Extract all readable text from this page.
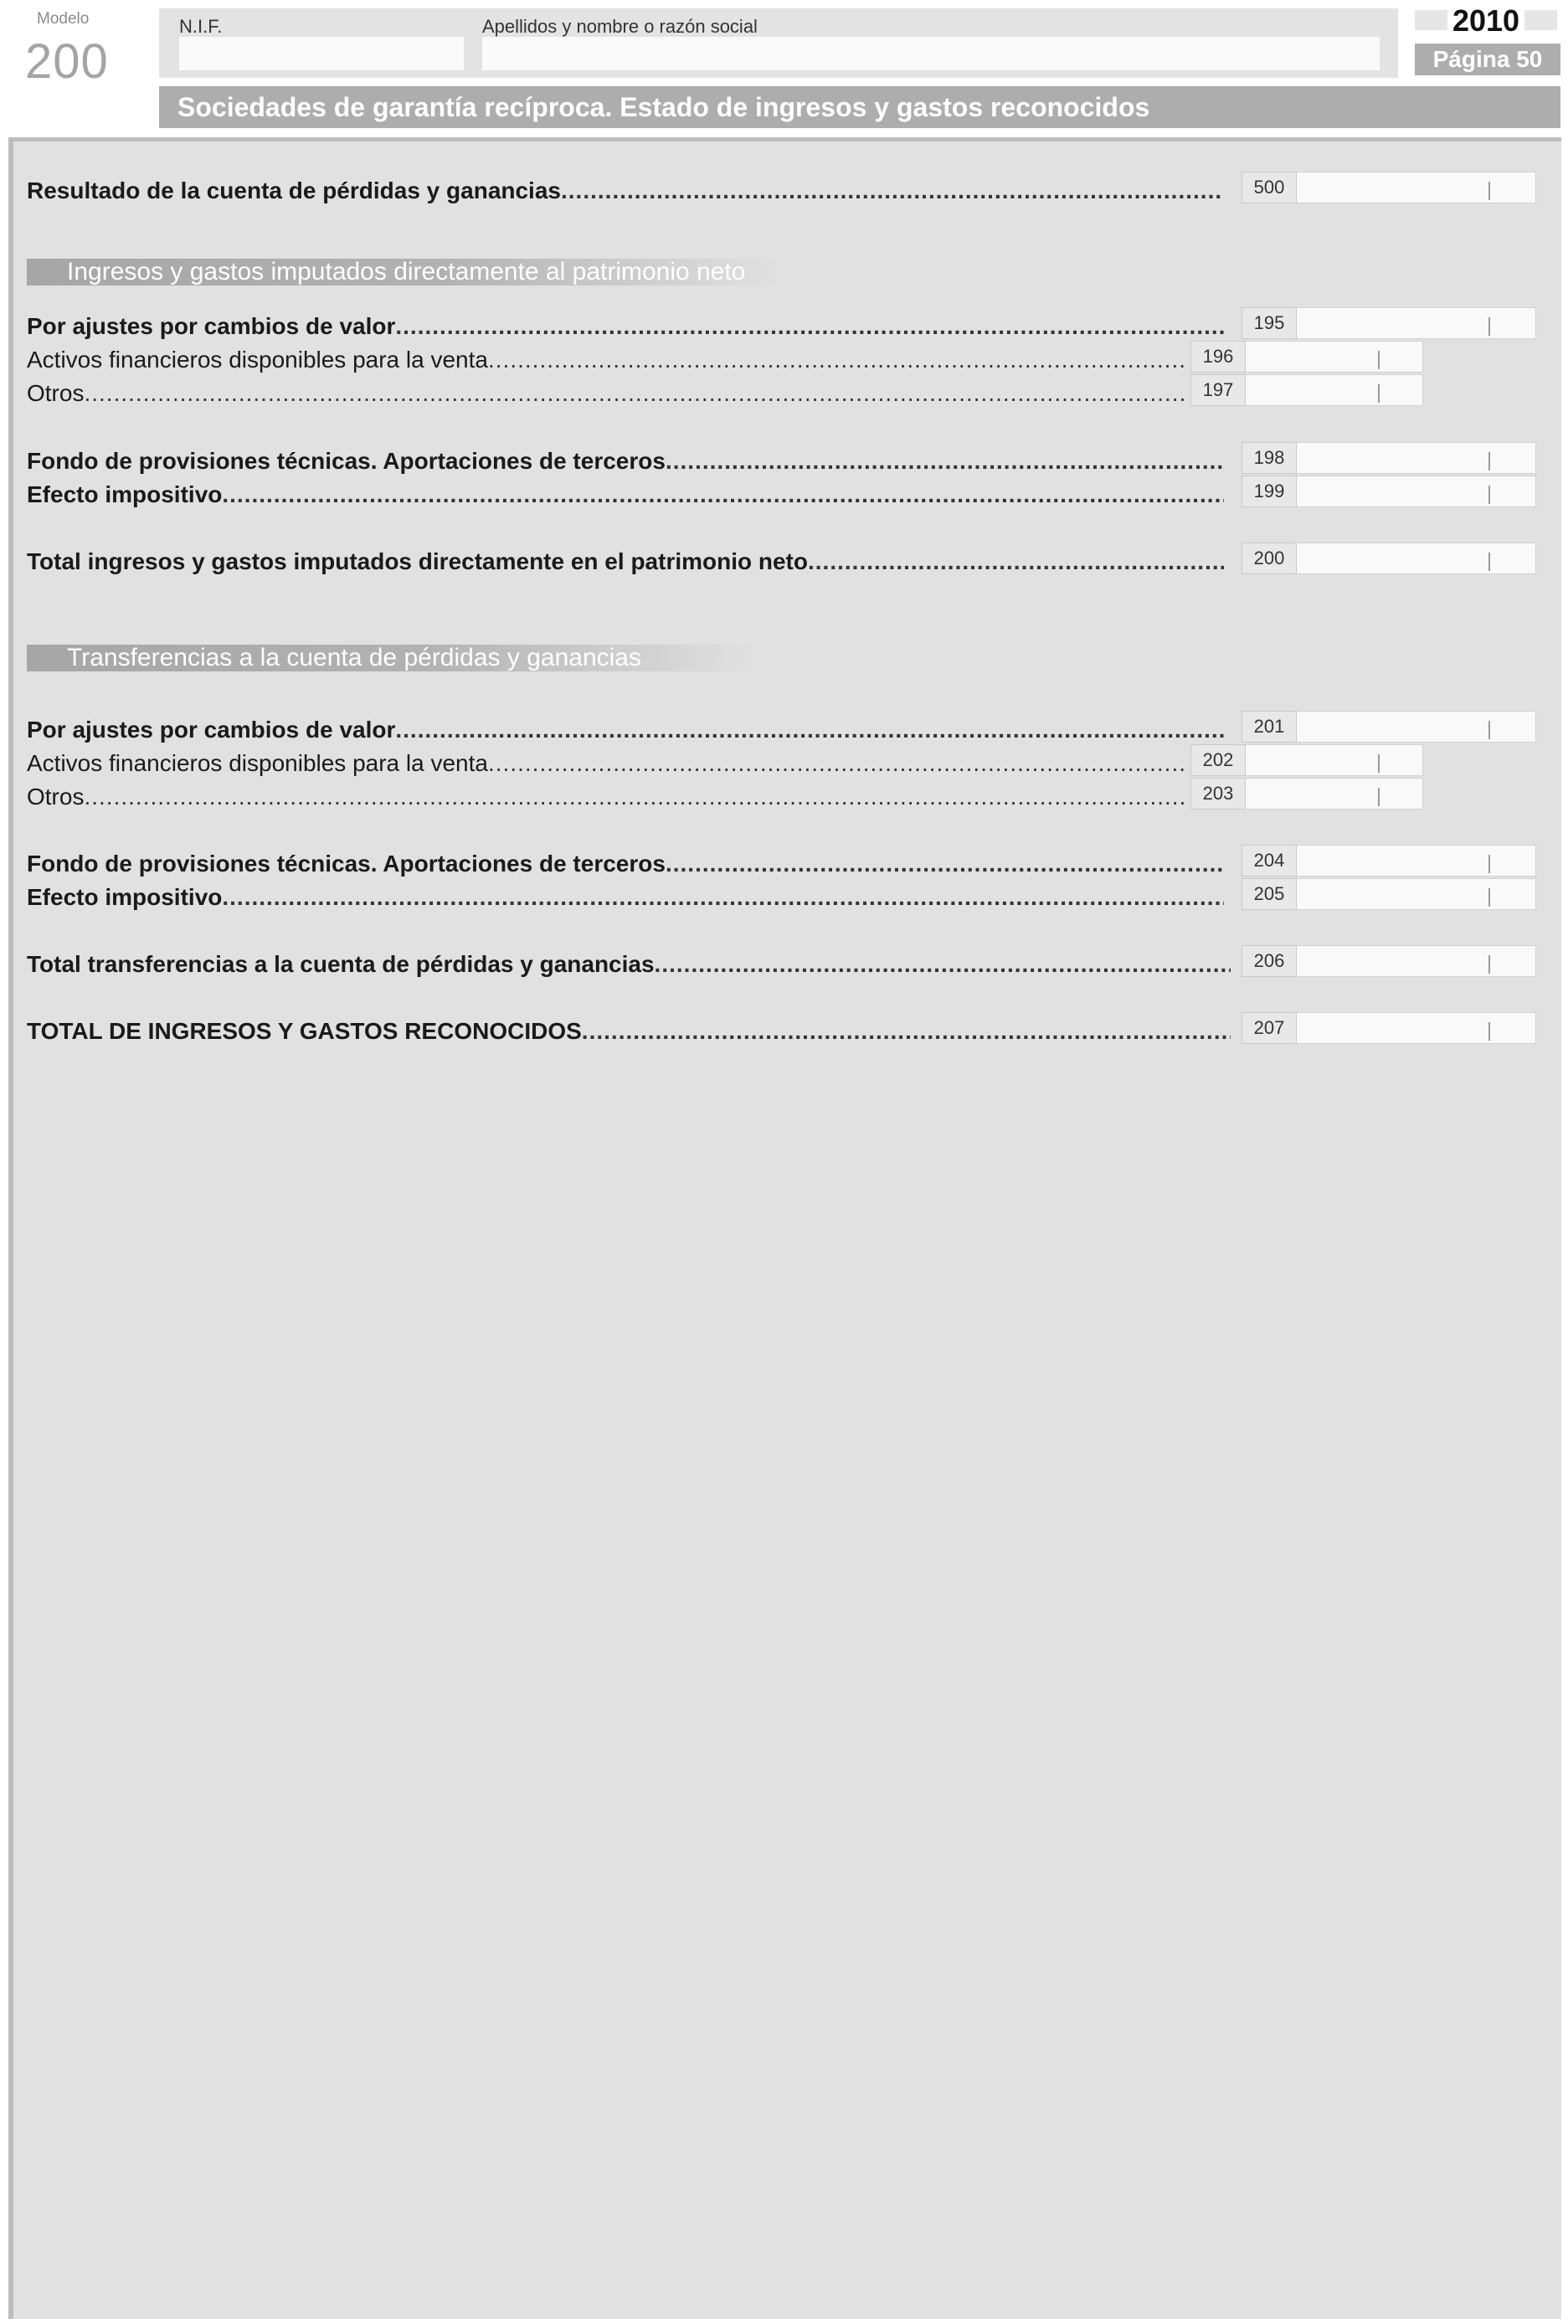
Modelo
200
N.I.F.	Apellidos y nombre o razón social	2010
Página 50
Sociedades de garantía recíproca. Estado de ingresos y gastos reconocidos
Resultado de la cuenta de pérdidas y ganancias .....	500
Ingresos y gastos imputados directamente al patrimonio neto
Por ajustes por cambios de valor .....	195
Activos financieros disponibles para la venta .....	196
Otros .....	197
Fondo de provisiones técnicas. Aportaciones de terceros .....	198
Efecto impositivo .....	199
Total ingresos y gastos imputados directamente en el patrimonio neto .....	200
Transferencias a la cuenta de pérdidas y ganancias
Por ajustes por cambios de valor .....	201
Activos financieros disponibles para la venta .....	202
Otros .....	203
Fondo de provisiones técnicas. Aportaciones de terceros .....	204
Efecto impositivo .....	205
Total transferencias a la cuenta de pérdidas y ganancias .....	206
TOTAL DE INGRESOS Y GASTOS RECONOCIDOS .....	207
